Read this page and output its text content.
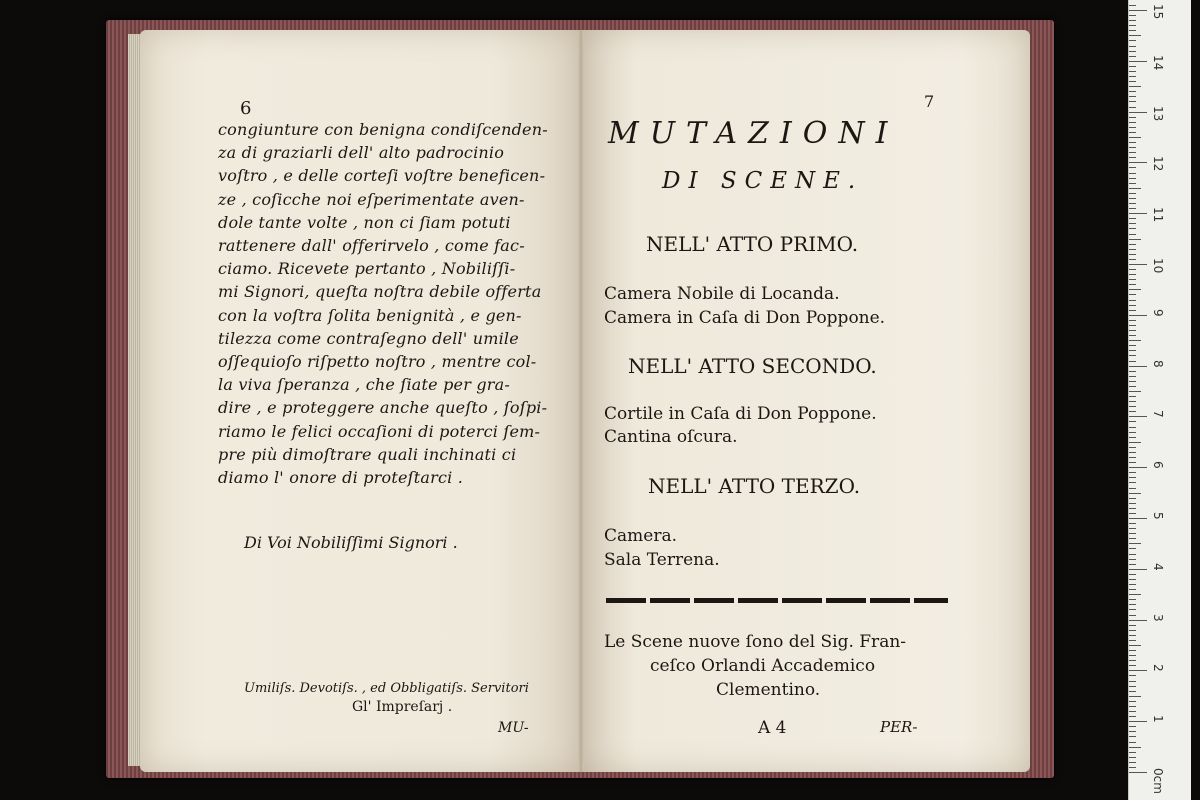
6
congiunture con benigna condiſcenden-
za di graziarli dell' alto padrocinio
voſtro , e delle corteſi voſtre beneficen-
ze , coſicche noi eſperimentate aven-
dole tante volte , non ci ſiam potuti
rattenere dall' offerirvelo , come fac-
ciamo. Ricevete pertanto , Nobiliſſi-
mi Signori, queſta noſtra debile offerta
con la voſtra ſolita benignità , e gen-
tilezza come contraſegno dell' umile
oſſequioſo riſpetto noſtro , mentre col-
la viva ſperanza , che ſiate per gra-
dire , e proteggere anche queſto , ſoſpi-
riamo le felici occaſioni di poterci ſem-
pre più dimoſtrare quali inchinati ci
diamo l' onore di proteſtarci .
Di Voi Nobiliſſimi Signori .
Umiliſs. Devotiſs. , ed Obbligatiſs. Servitori
Gl' Impreſarj .
MU-
7
MUTAZIONI
DI SCENE.
NELL' ATTO PRIMO.
Camera Nobile di Locanda.
Camera in Caſa di Don Poppone.
NELL' ATTO SECONDO.
Cortile in Caſa di Don Poppone.
Cantina oſcura.
NELL' ATTO TERZO.
Camera.
Sala Terrena.
Le Scene nuove ſono del Sig. Fran-
ceſco Orlandi Accademico
Clementino.
A 4	PER-
0cm
1
2
3
4
5
6
7
8
9
10
11
12
13
14
15
